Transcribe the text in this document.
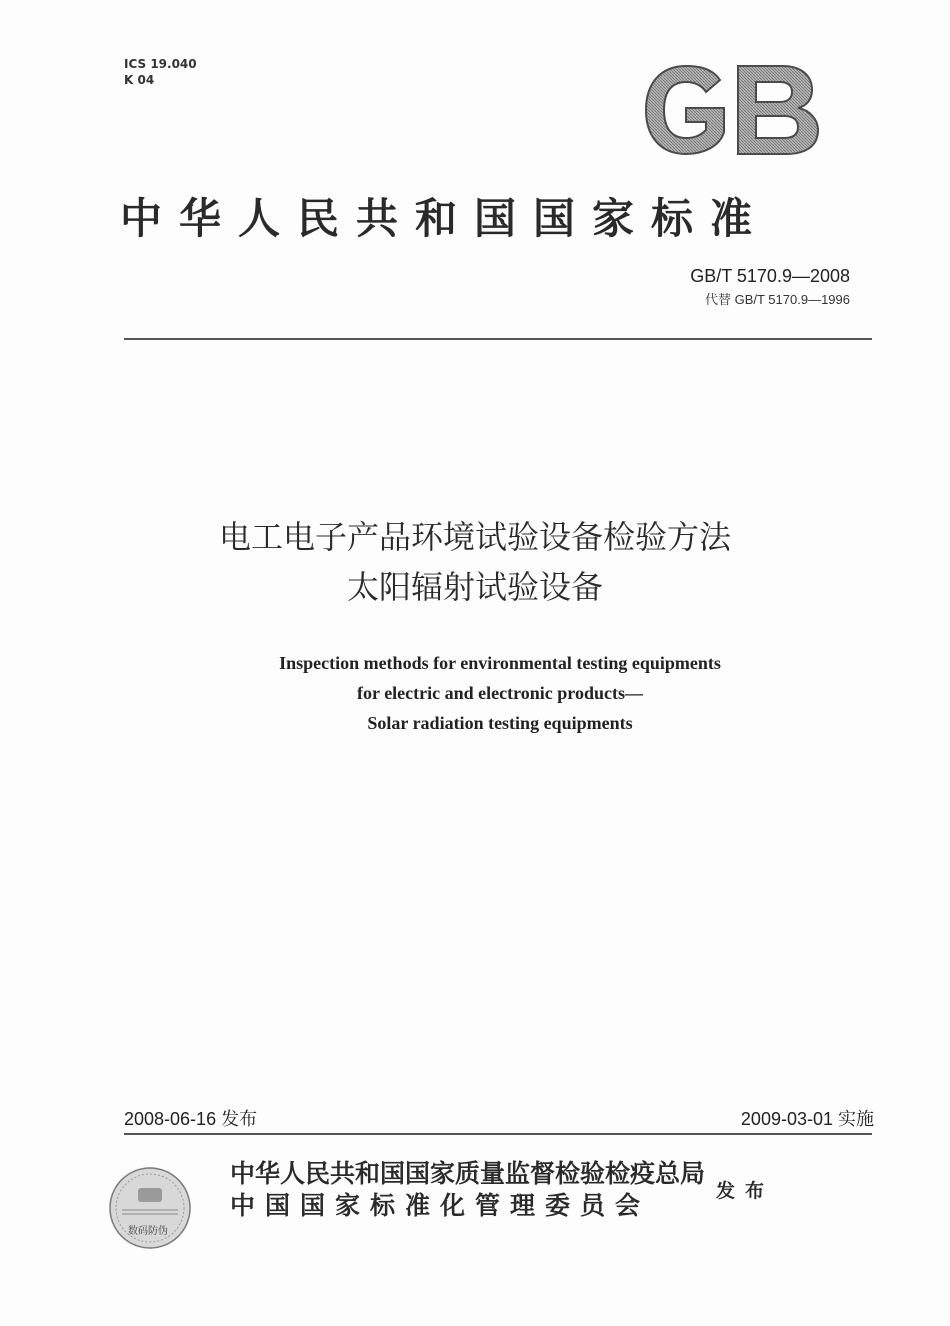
ICS 19.040
K 04
中华人民共和国国家标准
GB/T 5170.9—2008
代替 GB/T 5170.9—1996
电工电子产品环境试验设备检验方法
太阳辐射试验设备
Inspection methods for environmental testing equipments
for electric and electronic products—
Solar radiation testing equipments
2008-06-16 发布	2009-03-01 实施
数码防伪
中华人民共和国国家质量监督检验检疫总局
中国国家标准化管理委员会	发布
